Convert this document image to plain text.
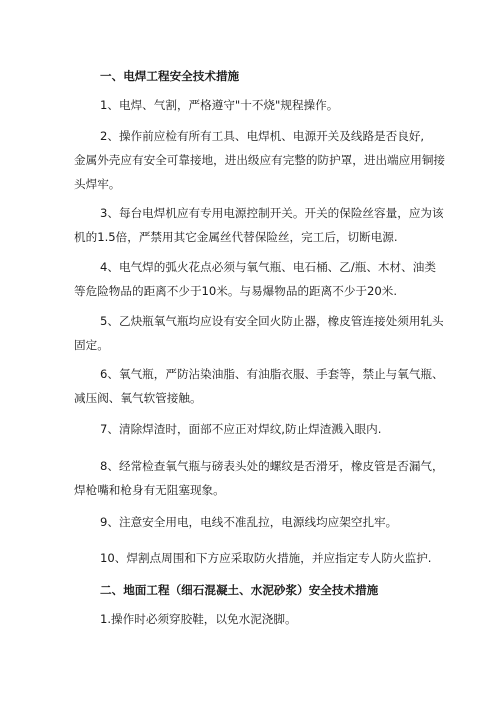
一、电焊工程安全技术措施
1、电焊、气割，严格遵守"十不烧"规程操作。
2、操作前应检有所有工具、电焊机、电源开关及线路是否良好,
金属外壳应有安全可靠接地，进出级应有完整的防护罩，进出端应用铜接
头焊牢。
3、每台电焊机应有专用电源控制开关。开关的保险丝容量，应为该
机的1.5倍，严禁用其它金属丝代替保险丝，完工后，切断电源.
4、电气焊的弧火花点必须与氧气瓶、电石桶、乙/瓶、木材、油类
等危险物品的距离不少于10米。与易爆物品的距离不少于20米.
5、乙炔瓶氧气瓶均应设有安全回火防止器，橡皮管连接处须用轧头
固定。
6、氧气瓶，严防沾染油脂、有油脂衣服、手套等，禁止与氧气瓶、
减压阀、氧气软管接触。
7、清除焊渣时，面部不应正对焊纹,防止焊渣溅入眼内.
8、经常检查氧气瓶与磅表头处的螺纹是否滑牙，橡皮管是否漏气，
焊枪嘴和枪身有无阻塞现象。
9、注意安全用电，电线不准乱拉，电源线均应架空扎牢。
10、焊割点周围和下方应采取防火措施，并应指定专人防火监护.
二、地面工程（细石混凝土、水泥砂浆）安全技术措施
1.操作时必须穿胶鞋，以免水泥浇脚。
